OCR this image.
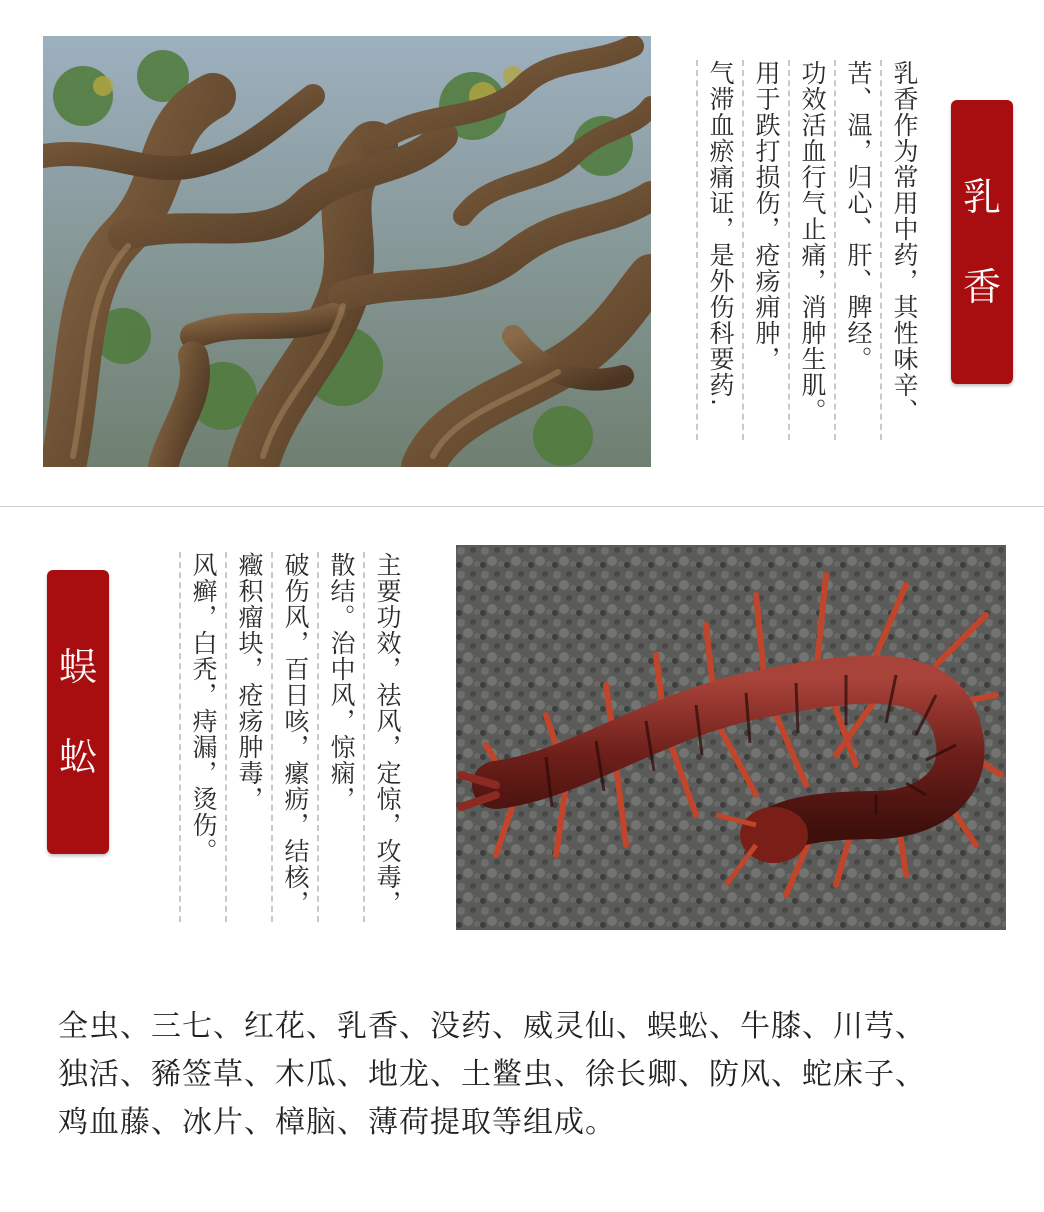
乳
香
乳香作为常用中药，其性味辛、
苦、温，归心、肝、脾经。
功效活血行气止痛，消肿生肌。
用于跌打损伤，疮疡痈肿，
气滞血瘀痛证，是外伤科要药.
蜈
蚣	主要功效，祛风，定惊，攻毒，
散结。治中风，惊痫，
破伤风，百日咳，瘰疬，结核，
癥积瘤块，疮疡肿毒，
风癣，白秃，痔漏，烫伤。

全虫、三七、红花、乳香、没药、威灵仙、蜈蚣、牛膝、川芎、
独活、豨签草、木瓜、地龙、土鳖虫、徐长卿、防风、蛇床子、
鸡血藤、冰片、樟脑、薄荷提取等组成。
